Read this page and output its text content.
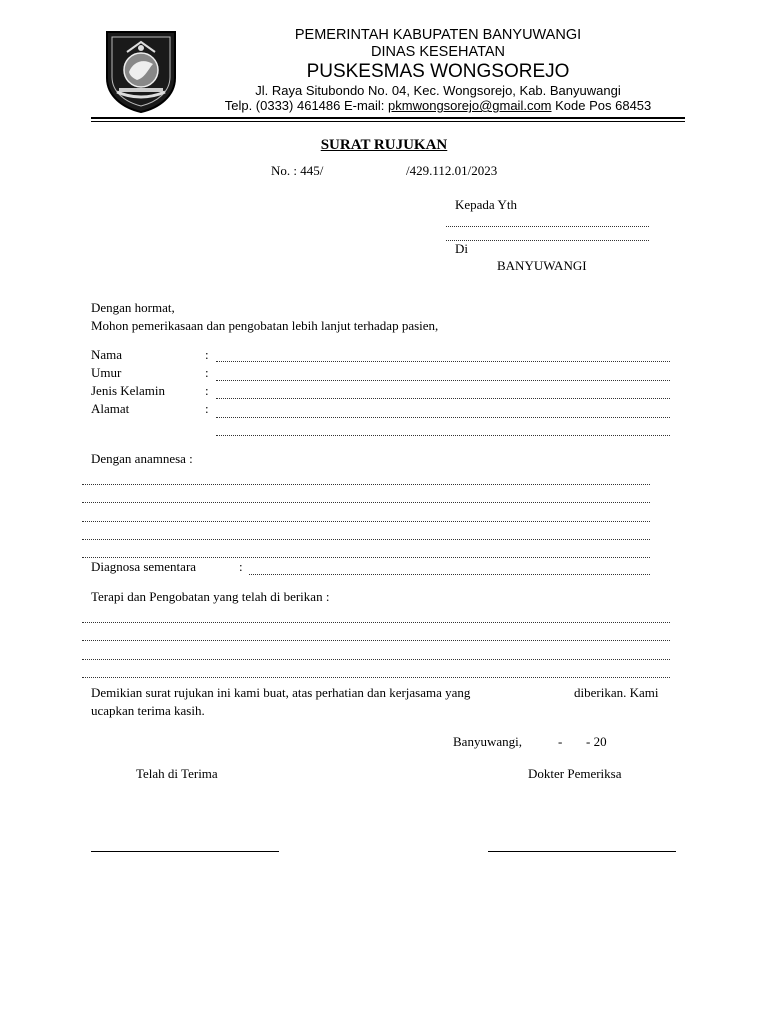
PEMERINTAH KABUPATEN BANYUWANGI
DINAS KESEHATAN
PUSKESMAS WONGSOREJO
Jl. Raya Situbondo No. 04, Kec. Wongsorejo, Kab. Banyuwangi
Telp. (0333) 461486 E-mail: pkmwongsorejo@gmail.com Kode Pos 68453
SURAT RUJUKAN
No. : 445/	/429.112.01/2023
Kepada Yth
Di
BANYUWANGI
Dengan hormat,
Mohon pemerikasaan dan pengobatan lebih lanjut terhadap pasien,
Nama	:
Umur	:
Jenis Kelamin	:
Alamat	:
Dengan anamnesa :
Diagnosa sementara	:
Terapi dan Pengobatan yang telah di berikan :
Demikian surat rujukan ini kami buat, atas perhatian dan kerjasama yang	diberikan. Kami
ucapkan terima kasih.
Banyuwangi,	- - 20
Telah di Terima	Dokter Pemeriksa
